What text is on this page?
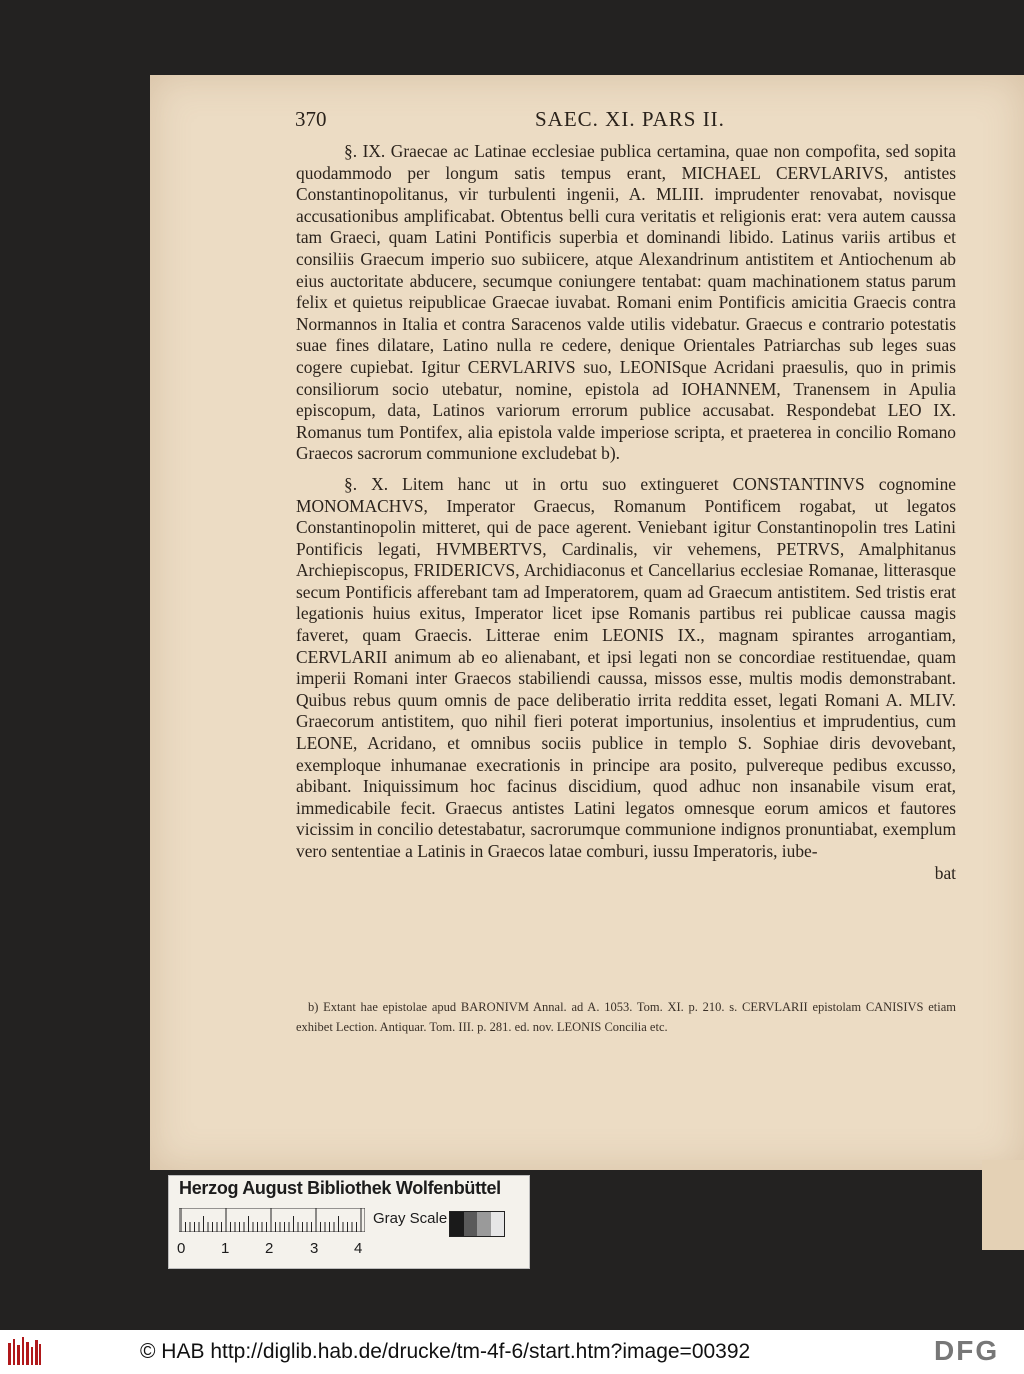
370	SAEC. XI. PARS II.

§. IX. Graecae ac Latinae ecclesiae publica certamina, quae non compofita, sed sopita quodammodo per longum satis tempus erant, MICHAEL CERVLARIVS, antistes Constantinopolitanus, vir turbulenti ingenii, A. MLIII. imprudenter renovabat, novisque accusationibus amplificabat. Obtentus belli cura veritatis et religionis erat: vera autem caussa tam Graeci, quam Latini Pontificis superbia et dominandi libido. Latinus variis artibus et consiliis Graecum imperio suo subiicere, atque Alexandrinum antistitem et Antiochenum ab eius auctoritate abducere, secumque coniungere tentabat: quam machinationem status parum felix et quietus reipublicae Graecae iuvabat. Romani enim Pontificis amicitia Graecis contra Normannos in Italia et contra Saracenos valde utilis videbatur. Graecus e contrario potestatis suae fines dilatare, Latino nulla re cedere, denique Orientales Patriarchas sub leges suas cogere cupiebat. Igitur CERVLARIVS suo, LEONISque Acridani praesulis, quo in primis consiliorum socio utebatur, nomine, epistola ad IOHANNEM, Tranensem in Apulia episcopum, data, Latinos variorum errorum publice accusabat. Respondebat LEO IX. Romanus tum Pontifex, alia epistola valde imperiose scripta, et praeterea in concilio Romano Graecos sacrorum communione excludebat b).

§. X. Litem hanc ut in ortu suo extingueret CONSTANTINVS cognomine MONOMACHVS, Imperator Graecus, Romanum Pontificem rogabat, ut legatos Constantinopolin mitteret, qui de pace agerent. Veniebant igitur Constantinopolin tres Latini Pontificis legati, HVMBERTVS, Cardinalis, vir vehemens, PETRVS, Amalphitanus Archiepiscopus, FRIDERICVS, Archidiaconus et Cancellarius ecclesiae Romanae, litterasque secum Pontificis afferebant tam ad Imperatorem, quam ad Graecum antistitem. Sed tristis erat legationis huius exitus, Imperator licet ipse Romanis partibus rei publicae caussa magis faveret, quam Graecis. Litterae enim LEONIS IX., magnam spirantes arrogantiam, CERVLARII animum ab eo alienabant, et ipsi legati non se concordiae restituendae, quam imperii Romani inter Graecos stabiliendi caussa, missos esse, multis modis demonstrabant. Quibus rebus quum omnis de pace deliberatio irrita reddita esset, legati Romani A. MLIV. Graecorum antistitem, quo nihil fieri poterat importunius, insolentius et imprudentius, cum LEONE, Acridano, et omnibus sociis publice in templo S. Sophiae diris devovebant, exemploque inhumanae execrationis in principe ara posito, pulvereque pedibus excusso, abibant. Iniquissimum hoc facinus discidium, quod adhuc non insanabile visum erat, immedicabile fecit. Graecus antistes Latini legatos omnesque eorum amicos et fautores vicissim in concilio detestabatur, sacrorumque communione indignos pronuntiabat, exemplum vero sententiae a Latinis in Graecos latae comburi, iussu Imperatoris, iube-

bat

b) Extant hae epistolae apud BARONIVM Annal. ad A. 1053. Tom. XI. p. 210. s. CERVLARII epistolam CANISIVS etiam exhibet Lection. Antiquar. Tom. III. p. 281. ed. nov. LEONIS Concilia etc.

Herzog August Bibliothek Wolfenbüttel
Gray Scale
0 1 2 3 4
© HAB http://diglib.hab.de/drucke/tm-4f-6/start.htm?image=00392	DFG
